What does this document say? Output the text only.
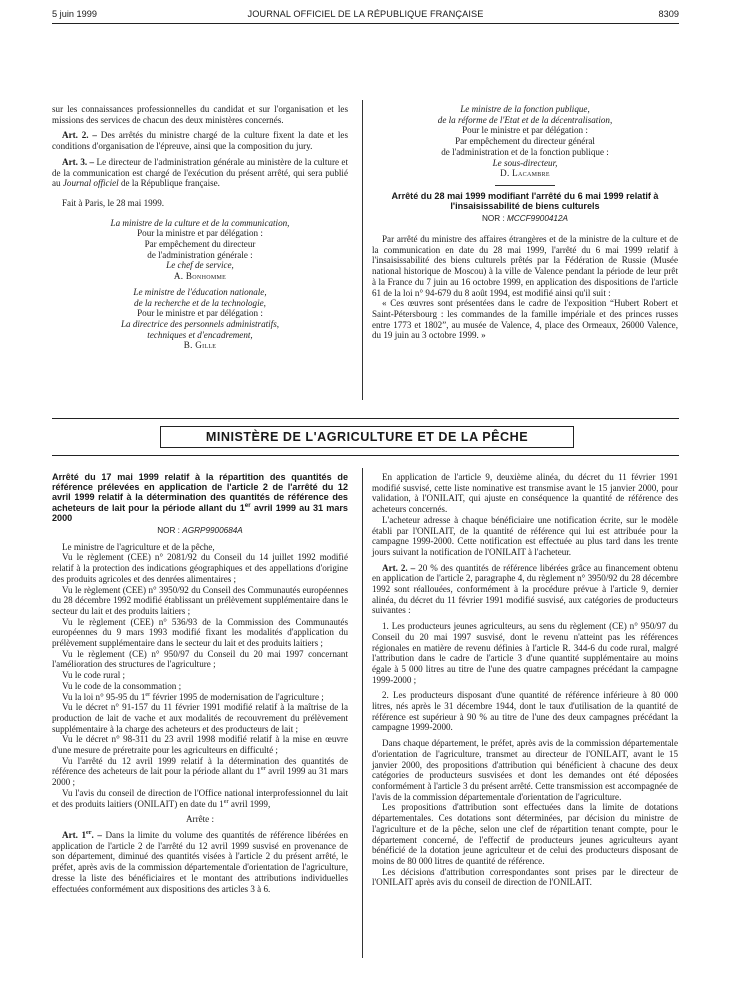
5 juin 1999	JOURNAL OFFICIEL DE LA RÉPUBLIQUE FRANÇAISE	8309

sur les connaissances professionnelles du candidat et sur l'organisation et les missions des services de chacun des deux ministères concernés.

Art. 2. – Des arrêtés du ministre chargé de la culture fixent la date et les conditions d'organisation de l'épreuve, ainsi que la composition du jury.

Art. 3. – Le directeur de l'administration générale au ministère de la culture et de la communication est chargé de l'exécution du présent arrêté, qui sera publié au Journal officiel de la République française.

Fait à Paris, le 28 mai 1999.

La ministre de la culture et de la communication,

Pour la ministre et par délégation :

Par empêchement du directeur

de l'administration générale :

Le chef de service,

A. Bonhomme

Le ministre de l'éducation nationale,

de la recherche et de la technologie,

Pour le ministre et par délégation :

La directrice des personnels administratifs,

techniques et d'encadrement,

B. Gille

Le ministre de la fonction publique,

de la réforme de l'Etat et de la décentralisation,

Pour le ministre et par délégation :

Par empêchement du directeur général

de l'administration et de la fonction publique :

Le sous-directeur,

D. Lacambre

Arrêté du 28 mai 1999 modifiant l'arrêté du 6 mai 1999 relatif à l'insaisissabilité de biens culturels

NOR : MCCF9900412A

Par arrêté du ministre des affaires étrangères et de la ministre de la culture et de la communication en date du 28 mai 1999, l'arrêté du 6 mai 1999 relatif à l'insaisissabilité des biens culturels prêtés par la Fédération de Russie (Musée national historique de Moscou) à la ville de Valence pendant la période de leur prêt à la France du 7 juin au 16 octobre 1999, en application des dispositions de l'article 61 de la loi n° 94-679 du 8 août 1994, est modifié ainsi qu'il suit :

« Ces œuvres sont présentées dans le cadre de l'exposition “Hubert Robert et Saint-Pétersbourg : les commandes de la famille impériale et des princes russes entre 1773 et 1802”, au musée de Valence, 4, place des Ormeaux, 26000 Valence, du 19 juin au 3 octobre 1999. »

MINISTÈRE DE L'AGRICULTURE ET DE LA PÊCHE

Arrêté du 17 mai 1999 relatif à la répartition des quantités de référence prélevées en application de l'article 2 de l'arrêté du 12 avril 1999 relatif à la détermination des quantités de référence des acheteurs de lait pour la période allant du 1er avril 1999 au 31 mars 2000

NOR : AGRP9900684A

Le ministre de l'agriculture et de la pêche,

Vu le règlement (CEE) n° 2081/92 du Conseil du 14 juillet 1992 modifié relatif à la protection des indications géographiques et des appellations d'origine des produits agricoles et des denrées alimentaires ;

Vu le règlement (CEE) n° 3950/92 du Conseil des Communautés européennes du 28 décembre 1992 modifié établissant un prélèvement supplémentaire dans le secteur du lait et des produits laitiers ;

Vu le règlement (CEE) n° 536/93 de la Commission des Communautés européennes du 9 mars 1993 modifié fixant les modalités d'application du prélèvement supplémentaire dans le secteur du lait et des produits laitiers ;

Vu le règlement (CE) n° 950/97 du Conseil du 20 mai 1997 concernant l'amélioration des structures de l'agriculture ;

Vu le code rural ;

Vu le code de la consommation ;

Vu la loi n° 95-95 du 1er février 1995 de modernisation de l'agriculture ;

Vu le décret n° 91-157 du 11 février 1991 modifié relatif à la maîtrise de la production de lait de vache et aux modalités de recouvrement du prélèvement supplémentaire à la charge des acheteurs et des producteurs de lait ;

Vu le décret n° 98-311 du 23 avril 1998 modifié relatif à la mise en œuvre d'une mesure de préretraite pour les agriculteurs en difficulté ;

Vu l'arrêté du 12 avril 1999 relatif à la détermination des quantités de référence des acheteurs de lait pour la période allant du 1er avril 1999 au 31 mars 2000 ;

Vu l'avis du conseil de direction de l'Office national interprofessionnel du lait et des produits laitiers (ONILAIT) en date du 1er avril 1999,

Arrête :

Art. 1er. – Dans la limite du volume des quantités de référence libérées en application de l'article 2 de l'arrêté du 12 avril 1999 susvisé en provenance de son département, diminué des quantités visées à l'article 2 du présent arrêté, le préfet, après avis de la commission départementale d'orientation de l'agriculture, dresse la liste des bénéficiaires et le montant des attributions individuelles effectuées conformément aux dispositions des articles 3 à 6.

En application de l'article 9, deuxième alinéa, du décret du 11 février 1991 modifié susvisé, cette liste nominative est transmise avant le 15 janvier 2000, pour validation, à l'ONILAIT, qui ajuste en conséquence la quantité de référence des acheteurs concernés.

L'acheteur adresse à chaque bénéficiaire une notification écrite, sur le modèle établi par l'ONILAIT, de la quantité de référence qui lui est attribuée pour la campagne 1999-2000. Cette notification est effectuée au plus tard dans les trente jours suivant la notification de l'ONILAIT à l'acheteur.

Art. 2. – 20 % des quantités de référence libérées grâce au financement obtenu en application de l'article 2, paragraphe 4, du règlement n° 3950/92 du 28 décembre 1992 sont réallouées, conformément à la procédure prévue à l'article 9, dernier alinéa, du décret du 11 février 1991 modifié susvisé, aux catégories de producteurs suivantes :

1. Les producteurs jeunes agriculteurs, au sens du règlement (CE) n° 950/97 du Conseil du 20 mai 1997 susvisé, dont le revenu n'atteint pas les références régionales en matière de revenu définies à l'article R. 344-6 du code rural, malgré l'attribution dans le cadre de l'article 3 d'une quantité supplémentaire au moins égale à 5 000 litres au titre de l'une des quatre campagnes précédant la campagne 1999-2000 ;

2. Les producteurs disposant d'une quantité de référence inférieure à 80 000 litres, nés après le 31 décembre 1944, dont le taux d'utilisation de la quantité de référence est supérieur à 90 % au titre de l'une des deux campagnes précédant la campagne 1999-2000.

Dans chaque département, le préfet, après avis de la commission départementale d'orientation de l'agriculture, transmet au directeur de l'ONILAIT, avant le 15 janvier 2000, des propositions d'attribution qui bénéficient à chacune des deux catégories de producteurs susvisées et dont les demandes ont été déposées conformément à l'article 3 du présent arrêté. Cette transmission est accompagnée de l'avis de la commission départementale d'orientation de l'agriculture.

Les propositions d'attribution sont effectuées dans la limite de dotations départementales. Ces dotations sont déterminées, par décision du ministre de l'agriculture et de la pêche, selon une clef de répartition tenant compte, pour le département concerné, de l'effectif de producteurs jeunes agriculteurs ayant bénéficié de la dotation jeune agriculteur et de celui des producteurs disposant de moins de 80 000 litres de quantité de référence.

Les décisions d'attribution correspondantes sont prises par le directeur de l'ONILAIT après avis du conseil de direction de l'ONILAIT.
